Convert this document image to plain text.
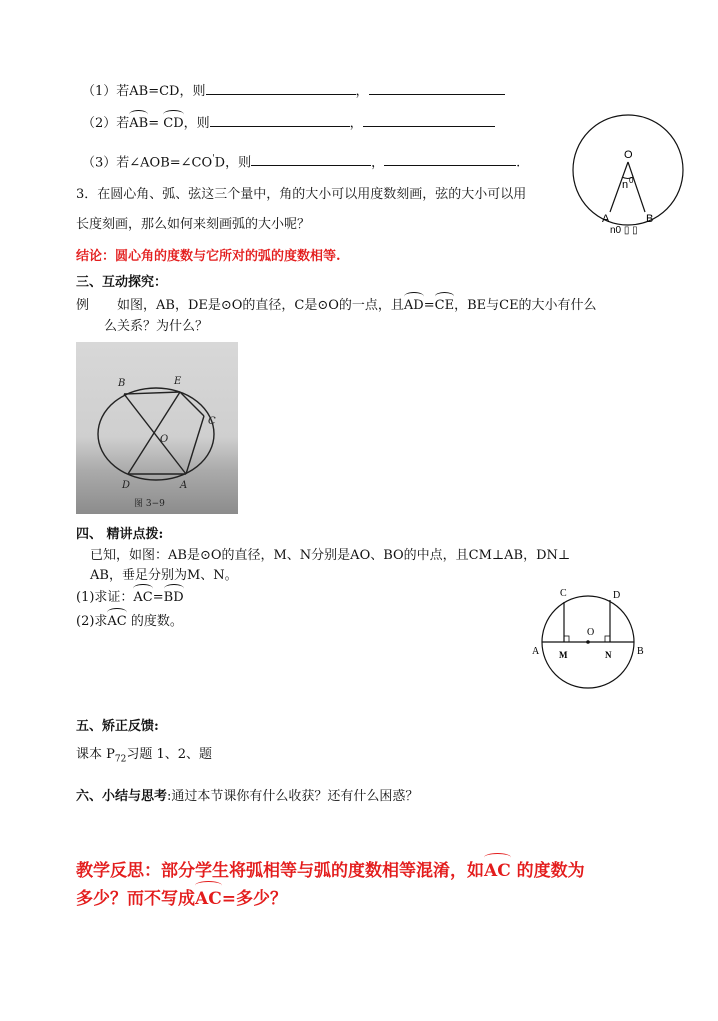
（1）若AB=CD，则	，
（2）若AB= CD，则	，
（3）若∠AOB=∠CO'D，则	，	.
O
n 0
A	B
n0 ▯ ▯
3．在圆心角、弧、弦这三个量中，角的大小可以用度数刻画，弦的大小可以用
长度刻画，那么如何来刻画弧的大小呢？
结论：圆心角的度数与它所对的弧的度数相等.
三、互动探究：
例 如图，AB，DE是⊙O的直径，C是⊙O的一点，且AD=CE，BE与CE的大小有什么
么关系？为什么？
B	E
C
O
D	A
图 3−9
四、 精讲点拨:
已知，如图：AB是⊙O的直径，M、N分别是AO、BO的中点，且CM⊥AB，DN⊥
AB，垂足分别为M、N。
(1)求证：AC=BD
(2)求AC 的度数。
C	D
O
A	B
M	N
五、矫正反馈:
课本 $P_{72}$习题 1、2、题
六、小结与思考:通过本节课你有什么收获？还有什么困惑？
教学反思：部分学生将弧相等与弧的度数相等混淆，如AC 的度数为
多少？而不写成AC=多少？
